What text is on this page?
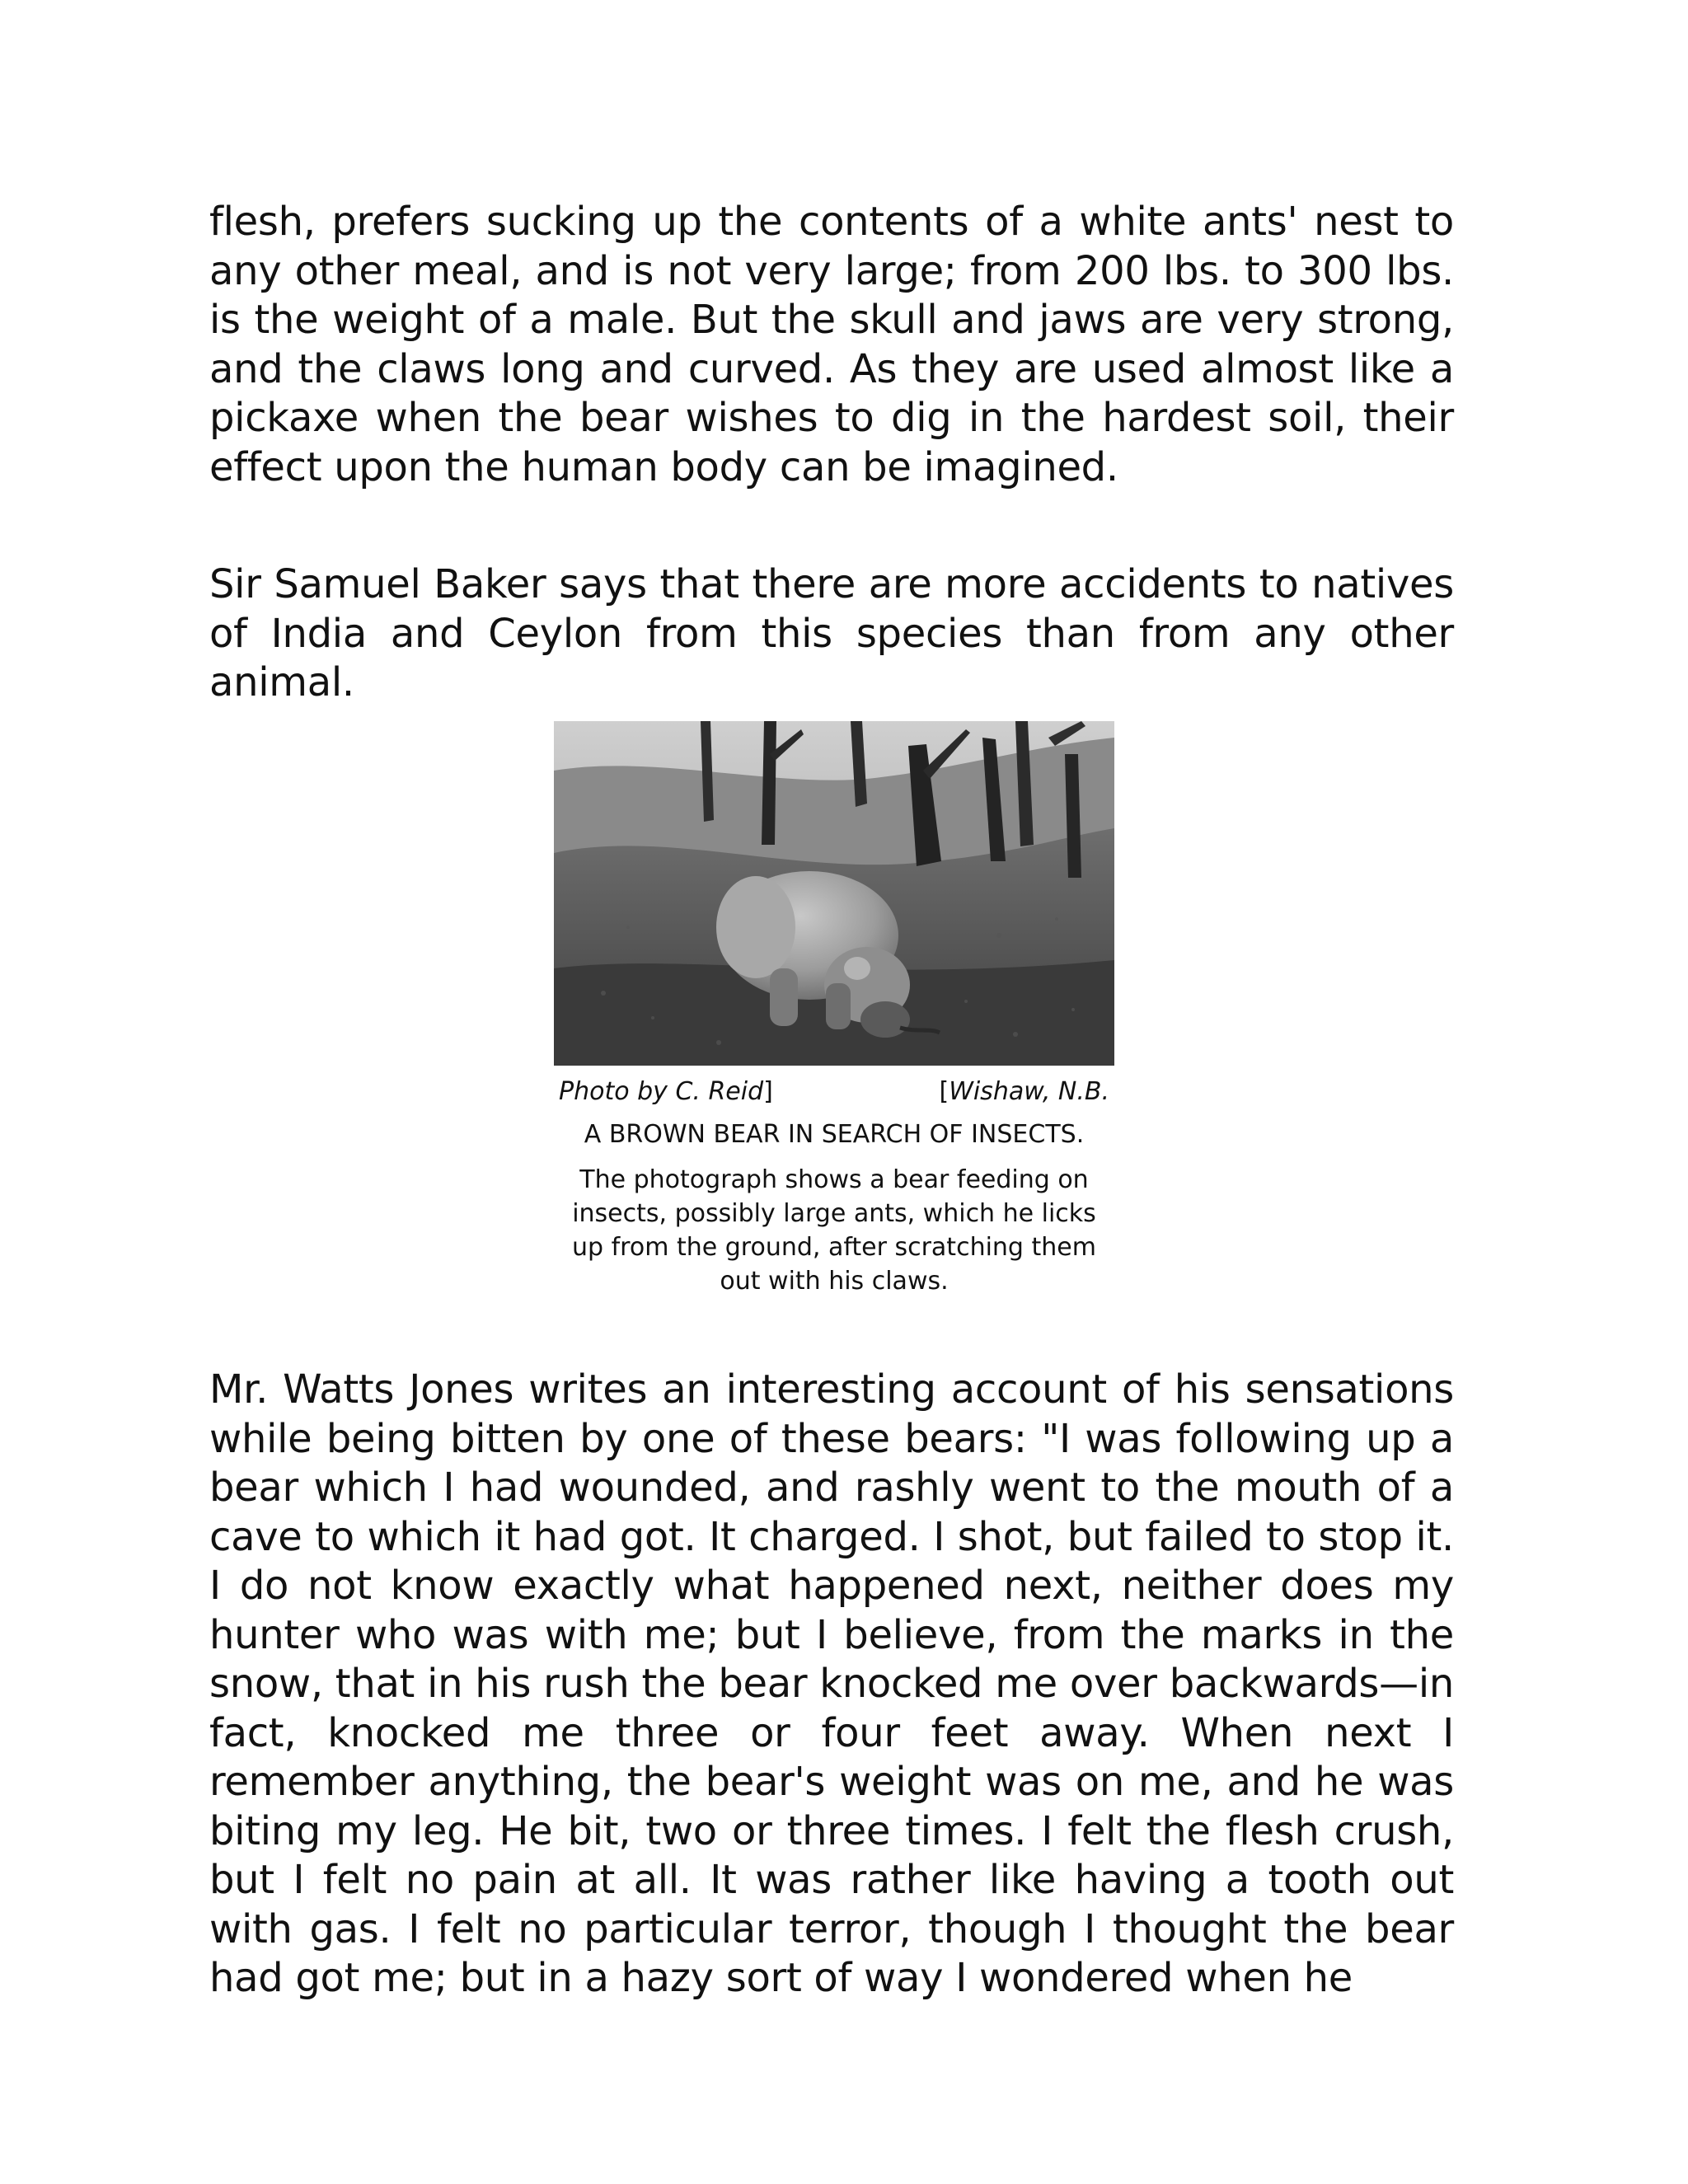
flesh, prefers sucking up the contents of a white ants' nest to any other meal, and is not very large; from 200 lbs. to 300 lbs. is the weight of a male. But the skull and jaws are very strong, and the claws long and curved. As they are used almost like a pickaxe when the bear wishes to dig in the hardest soil, their effect upon the human body can be imagined.

Sir Samuel Baker says that there are more accidents to natives of India and Ceylon from this species than from any other animal.

Photo by C. Reid]	[Wishaw, N.B.
A BROWN BEAR IN SEARCH OF INSECTS.
The photograph shows a bear feeding on insects, possibly large ants, which he licks up from the ground, after scratching them out with his claws.

Mr. Watts Jones writes an interesting account of his sensations while being bitten by one of these bears: "I was following up a bear which I had wounded, and rashly went to the mouth of a cave to which it had got. It charged. I shot, but failed to stop it. I do not know exactly what happened next, neither does my hunter who was with me; but I believe, from the marks in the snow, that in his rush the bear knocked me over backwards—in fact, knocked me three or four feet away. When next I remember anything, the bear's weight was on me, and he was biting my leg. He bit, two or three times. I felt the flesh crush, but I felt no pain at all. It was rather like having a tooth out with gas. I felt no particular terror, though I thought the bear had got me; but in a hazy sort of way I wondered when he
